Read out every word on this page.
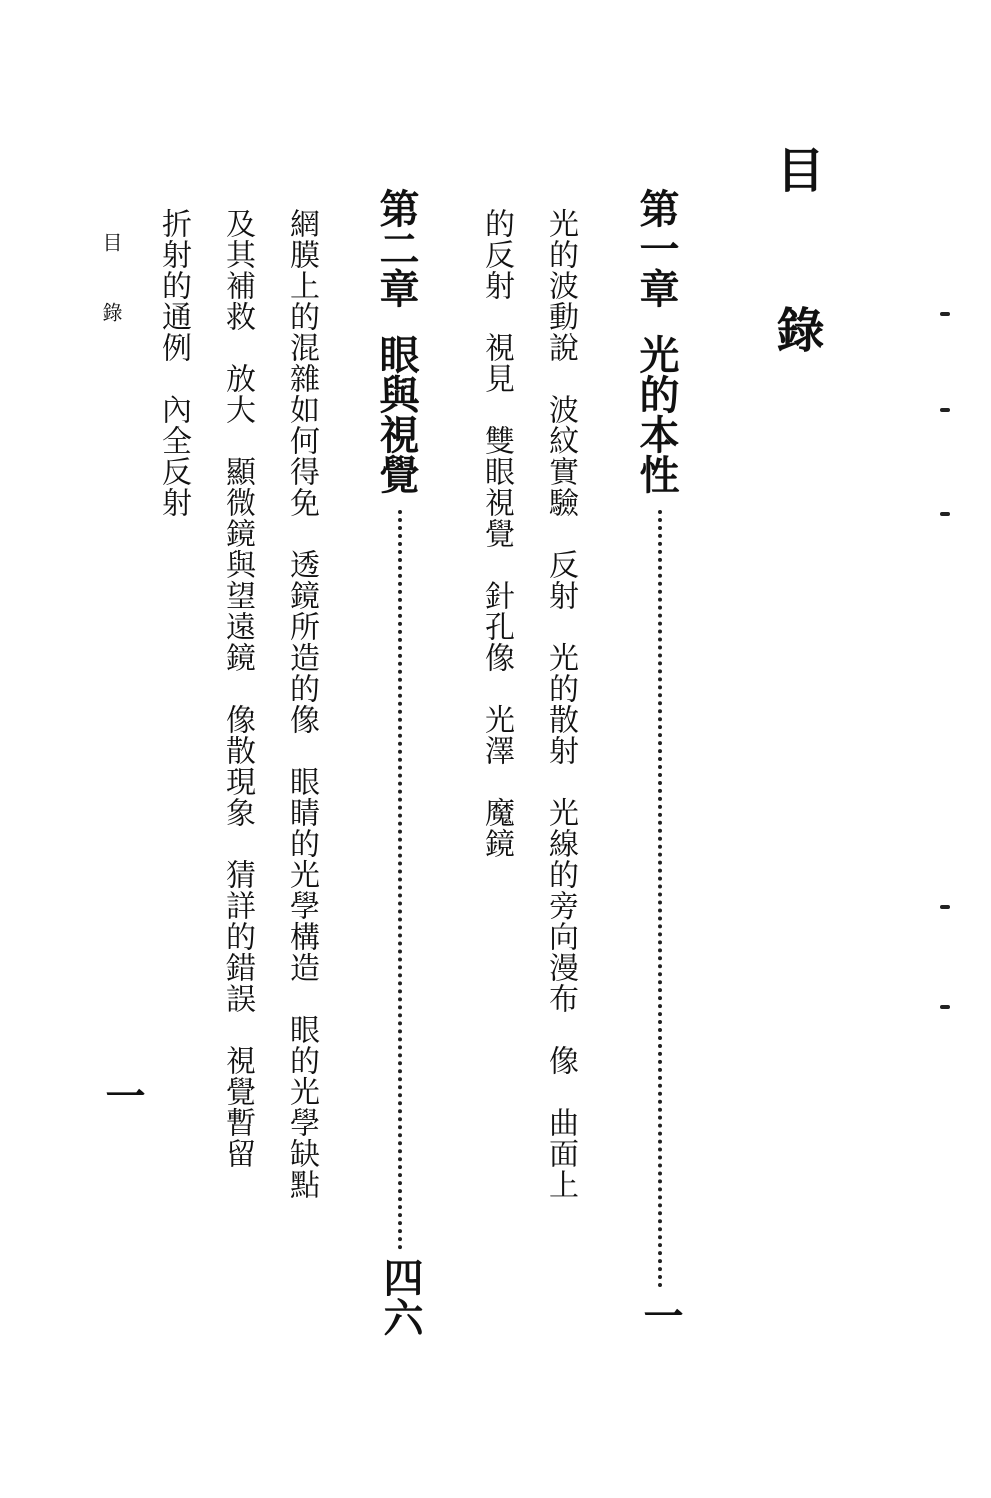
目 錄
第一章光的本性
一
光的波動說　波紋實驗　反射　光的散射　光線的旁向漫布　像　曲面上
的反射　視見　雙眼視覺　針孔像　光澤　魔鏡
第二章眼與視覺
四六
網膜上的混雜如何得免　透鏡所造的像　眼睛的光學構造　眼的光學缺點
及其補救　放大　顯微鏡與望遠鏡　像散現象　猜詳的錯誤　視覺暫留
折射的通例　內全反射
目錄
一
